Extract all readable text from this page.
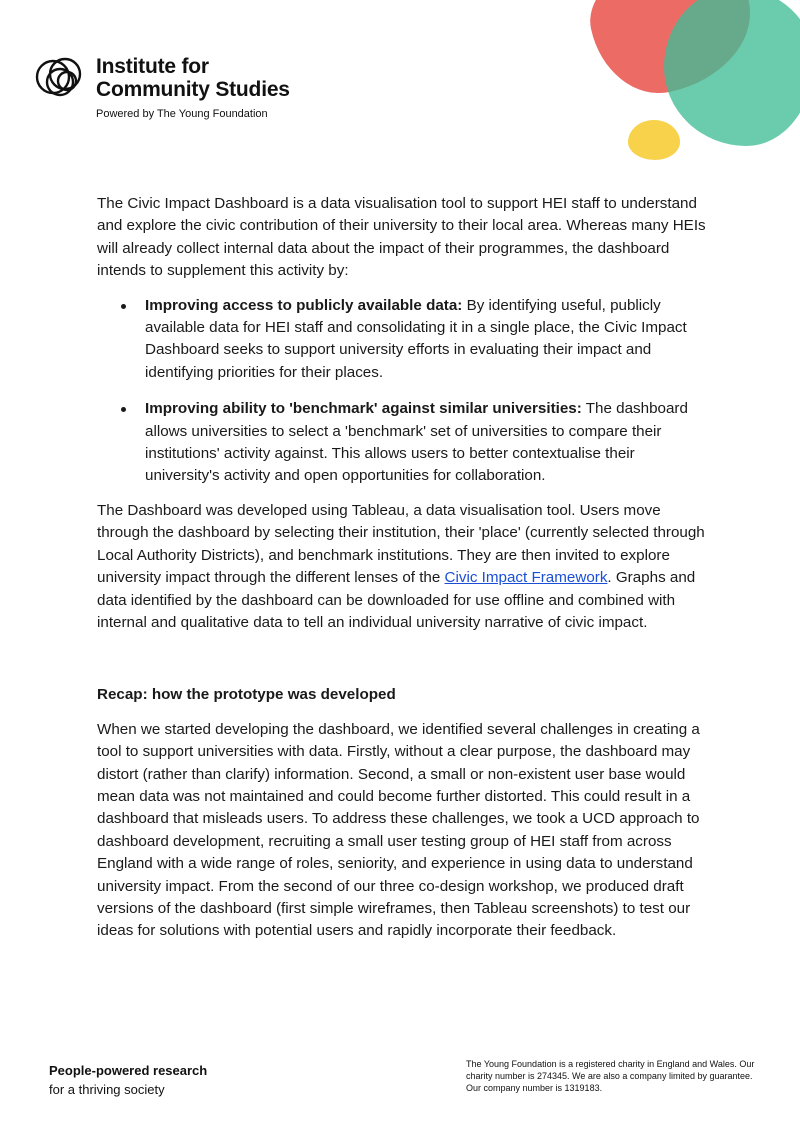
Institute for
Community Studies
Powered by The Young Foundation

The Civic Impact Dashboard is a data visualisation tool to support HEI staff to understand and explore the civic contribution of their university to their local area. Whereas many HEIs will already collect internal data about the impact of their programmes, the dashboard intends to supplement this activity by:

Improving access to publicly available data: By identifying useful, publicly available data for HEI staff and consolidating it in a single place, the Civic Impact Dashboard seeks to support university efforts in evaluating their impact and identifying priorities for their places.
Improving ability to 'benchmark' against similar universities: The dashboard allows universities to select a 'benchmark' set of universities to compare their institutions' activity against. This allows users to better contextualise their university's activity and open opportunities for collaboration.

The Dashboard was developed using Tableau, a data visualisation tool. Users move through the dashboard by selecting their institution, their 'place' (currently selected through Local Authority Districts), and benchmark institutions. They are then invited to explore university impact through the different lenses of the Civic Impact Framework. Graphs and data identified by the dashboard can be downloaded for use offline and combined with internal and qualitative data to tell an individual university narrative of civic impact.

Recap: how the prototype was developed

When we started developing the dashboard, we identified several challenges in creating a tool to support universities with data. Firstly, without a clear purpose, the dashboard may distort (rather than clarify) information. Second, a small or non-existent user base would mean data was not maintained and could become further distorted. This could result in a dashboard that misleads users. To address these challenges, we took a UCD approach to dashboard development, recruiting a small user testing group of HEI staff from across England with a wide range of roles, seniority, and experience in using data to understand university impact. From the second of our three co-design workshop, we produced draft versions of the dashboard (first simple wireframes, then Tableau screenshots) to test our ideas for solutions with potential users and rapidly incorporate their feedback.

People-powered research
for a thriving society
The Young Foundation is a registered charity in England and Wales. Our charity number is 274345. We are also a company limited by guarantee. Our company number is 1319183.
